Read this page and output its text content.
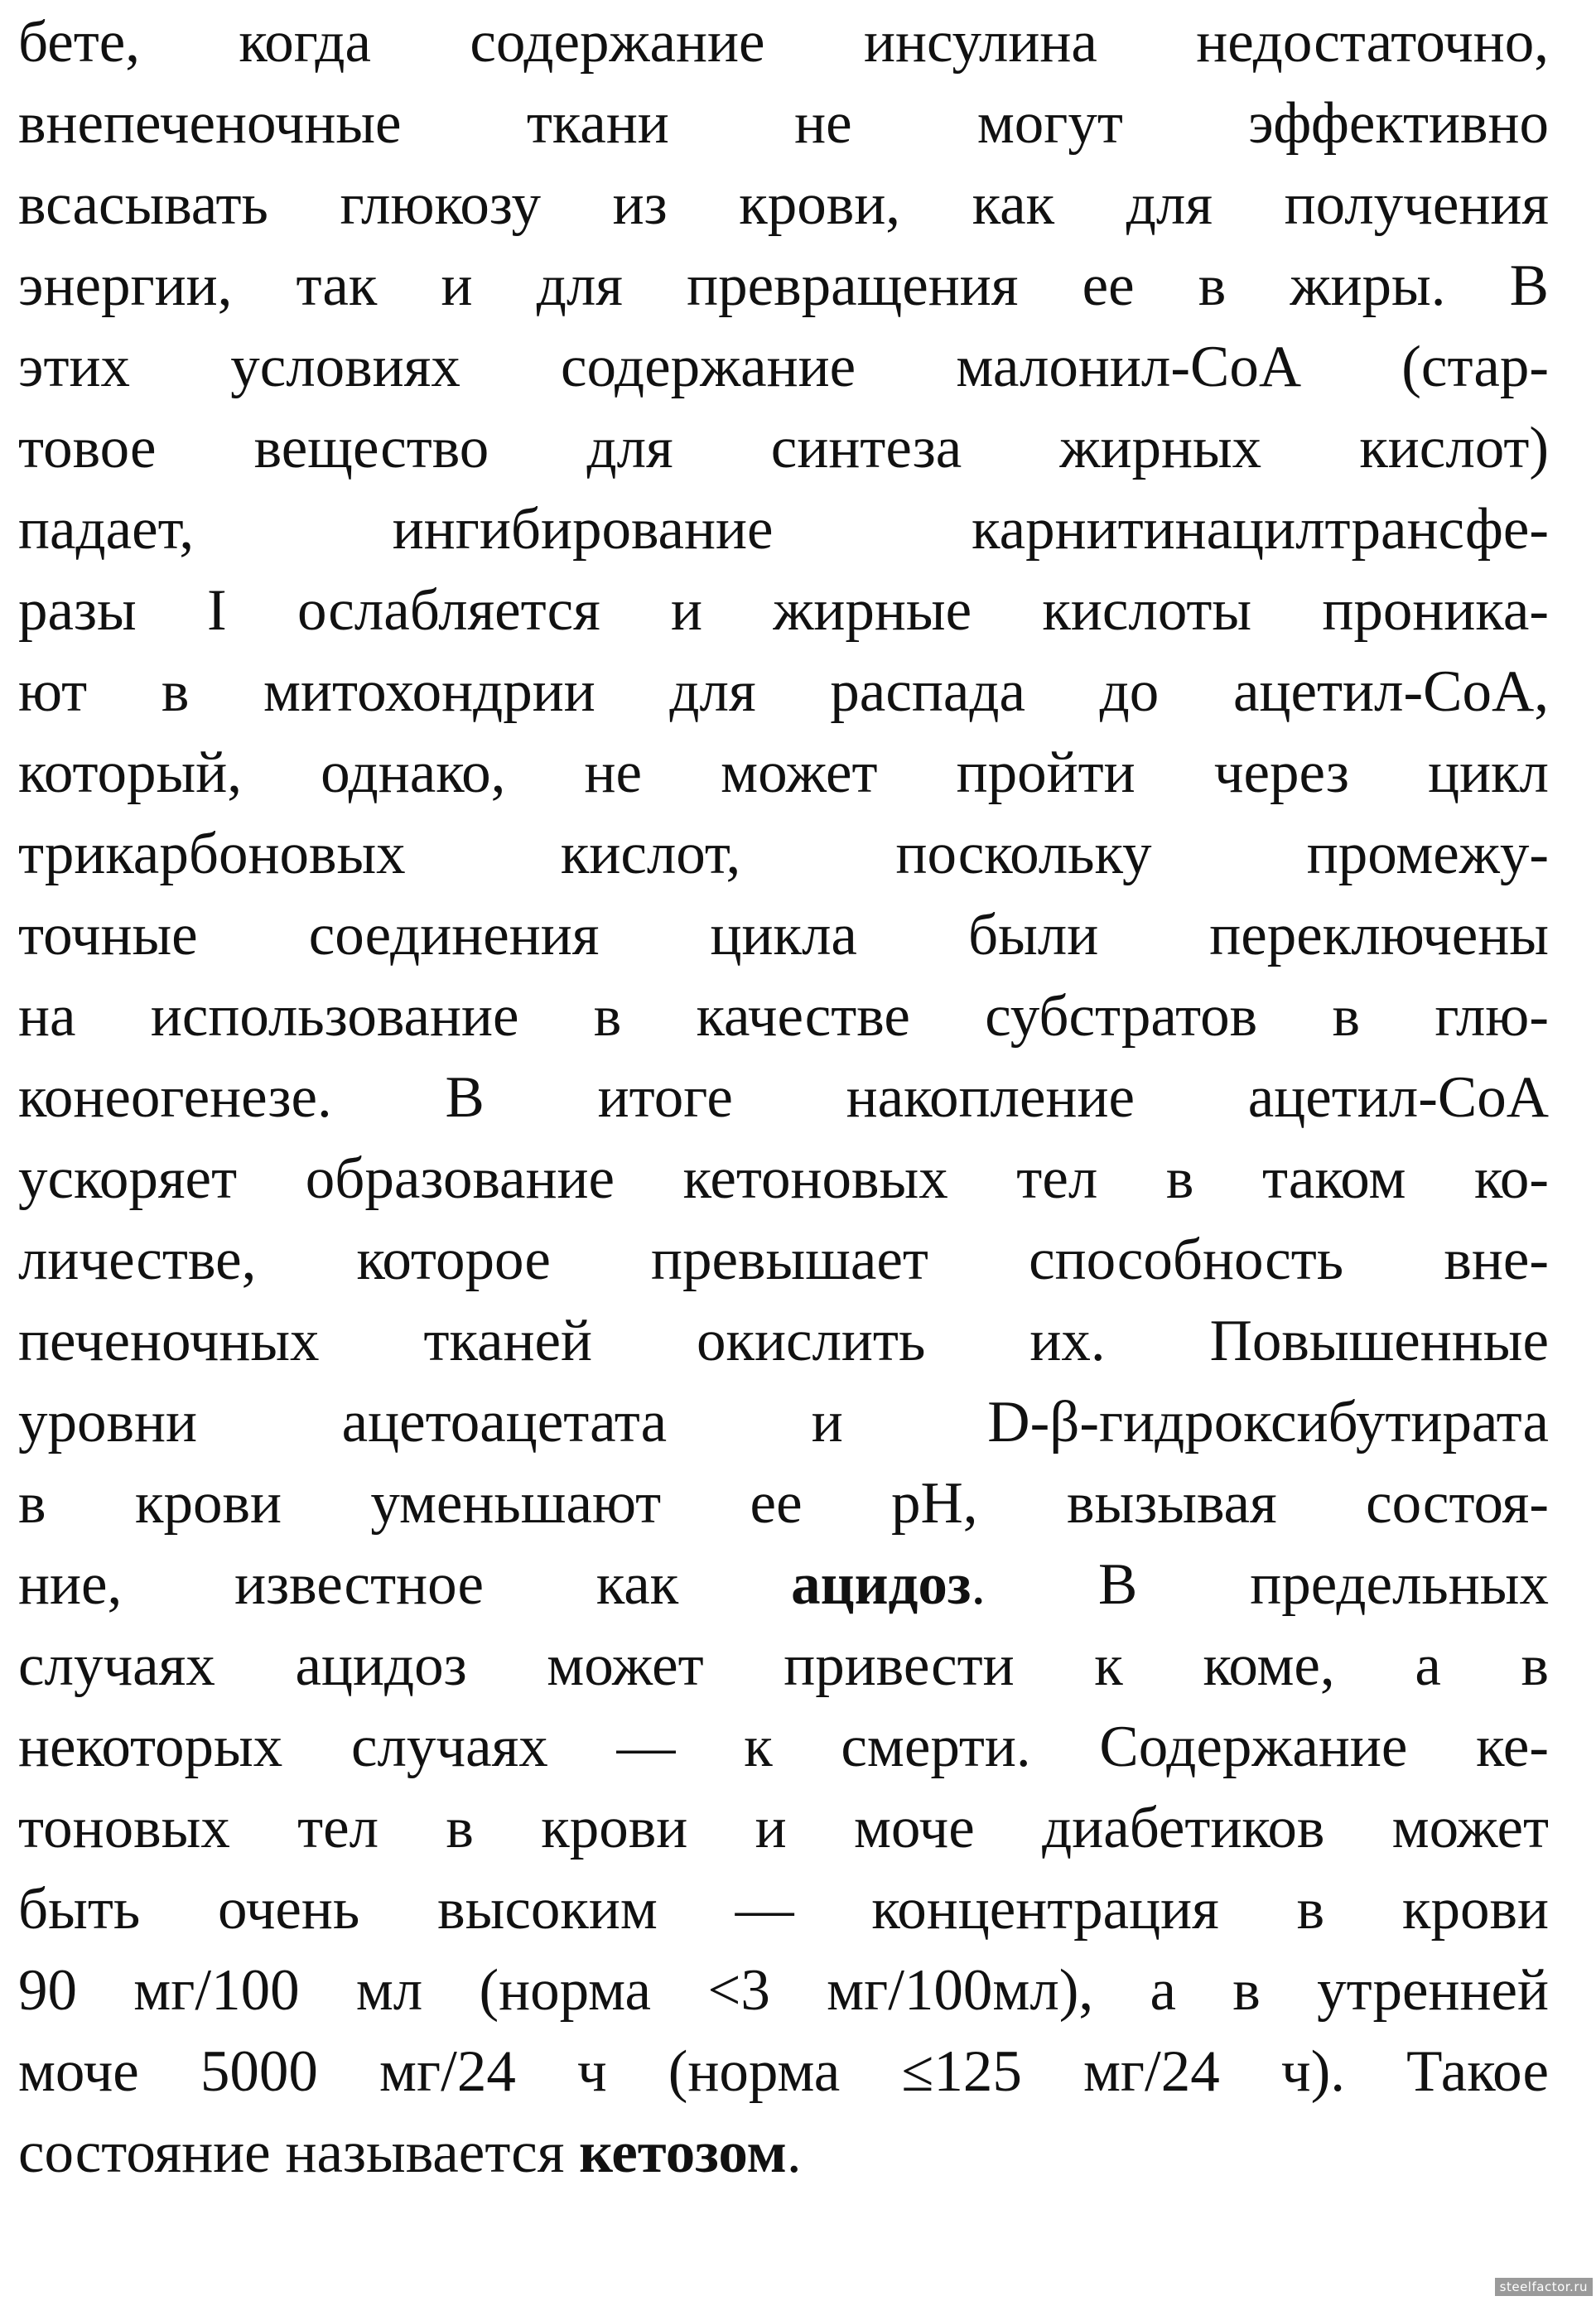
бете, когда содержание инсулина недостаточно,
внепеченочные ткани не могут эффективно
всасывать глюкозу из крови, как для получения
энергии, так и для превращения ее в жиры. В
этих условиях содержание малонил-СоА (стар-
товое вещество для синтеза жирных кислот)
падает, ингибирование карнитинацилтрансфе-
разы I ослабляется и жирные кислоты проника-
ют в митохондрии для распада до ацетил-СоА,
который, однако, не может пройти через цикл
трикарбоновых кислот, поскольку промежу-
точные соединения цикла были переключены
на использование в качестве субстратов в глю-
конеогенезе. В итоге накопление ацетил-СоА
ускоряет образование кетоновых тел в таком ко-
личестве, которое превышает способность вне-
печеночных тканей окислить их. Повышенные
уровни ацетоацетата и D-β-гидроксибутирата
в крови уменьшают ее pH, вызывая состоя-
ние, известное как ацидоз. В предельных
случаях ацидоз может привести к коме, а в
некоторых случаях — к смерти. Содержание ке-
тоновых тел в крови и моче диабетиков может
быть очень высоким — концентрация в крови
90 мг/100 мл (норма <3 мг/100мл), а в утренней
моче 5000 мг/24 ч (норма ≤125 мг/24 ч). Такое
состояние называется кетозом.
steelfactor.ru
